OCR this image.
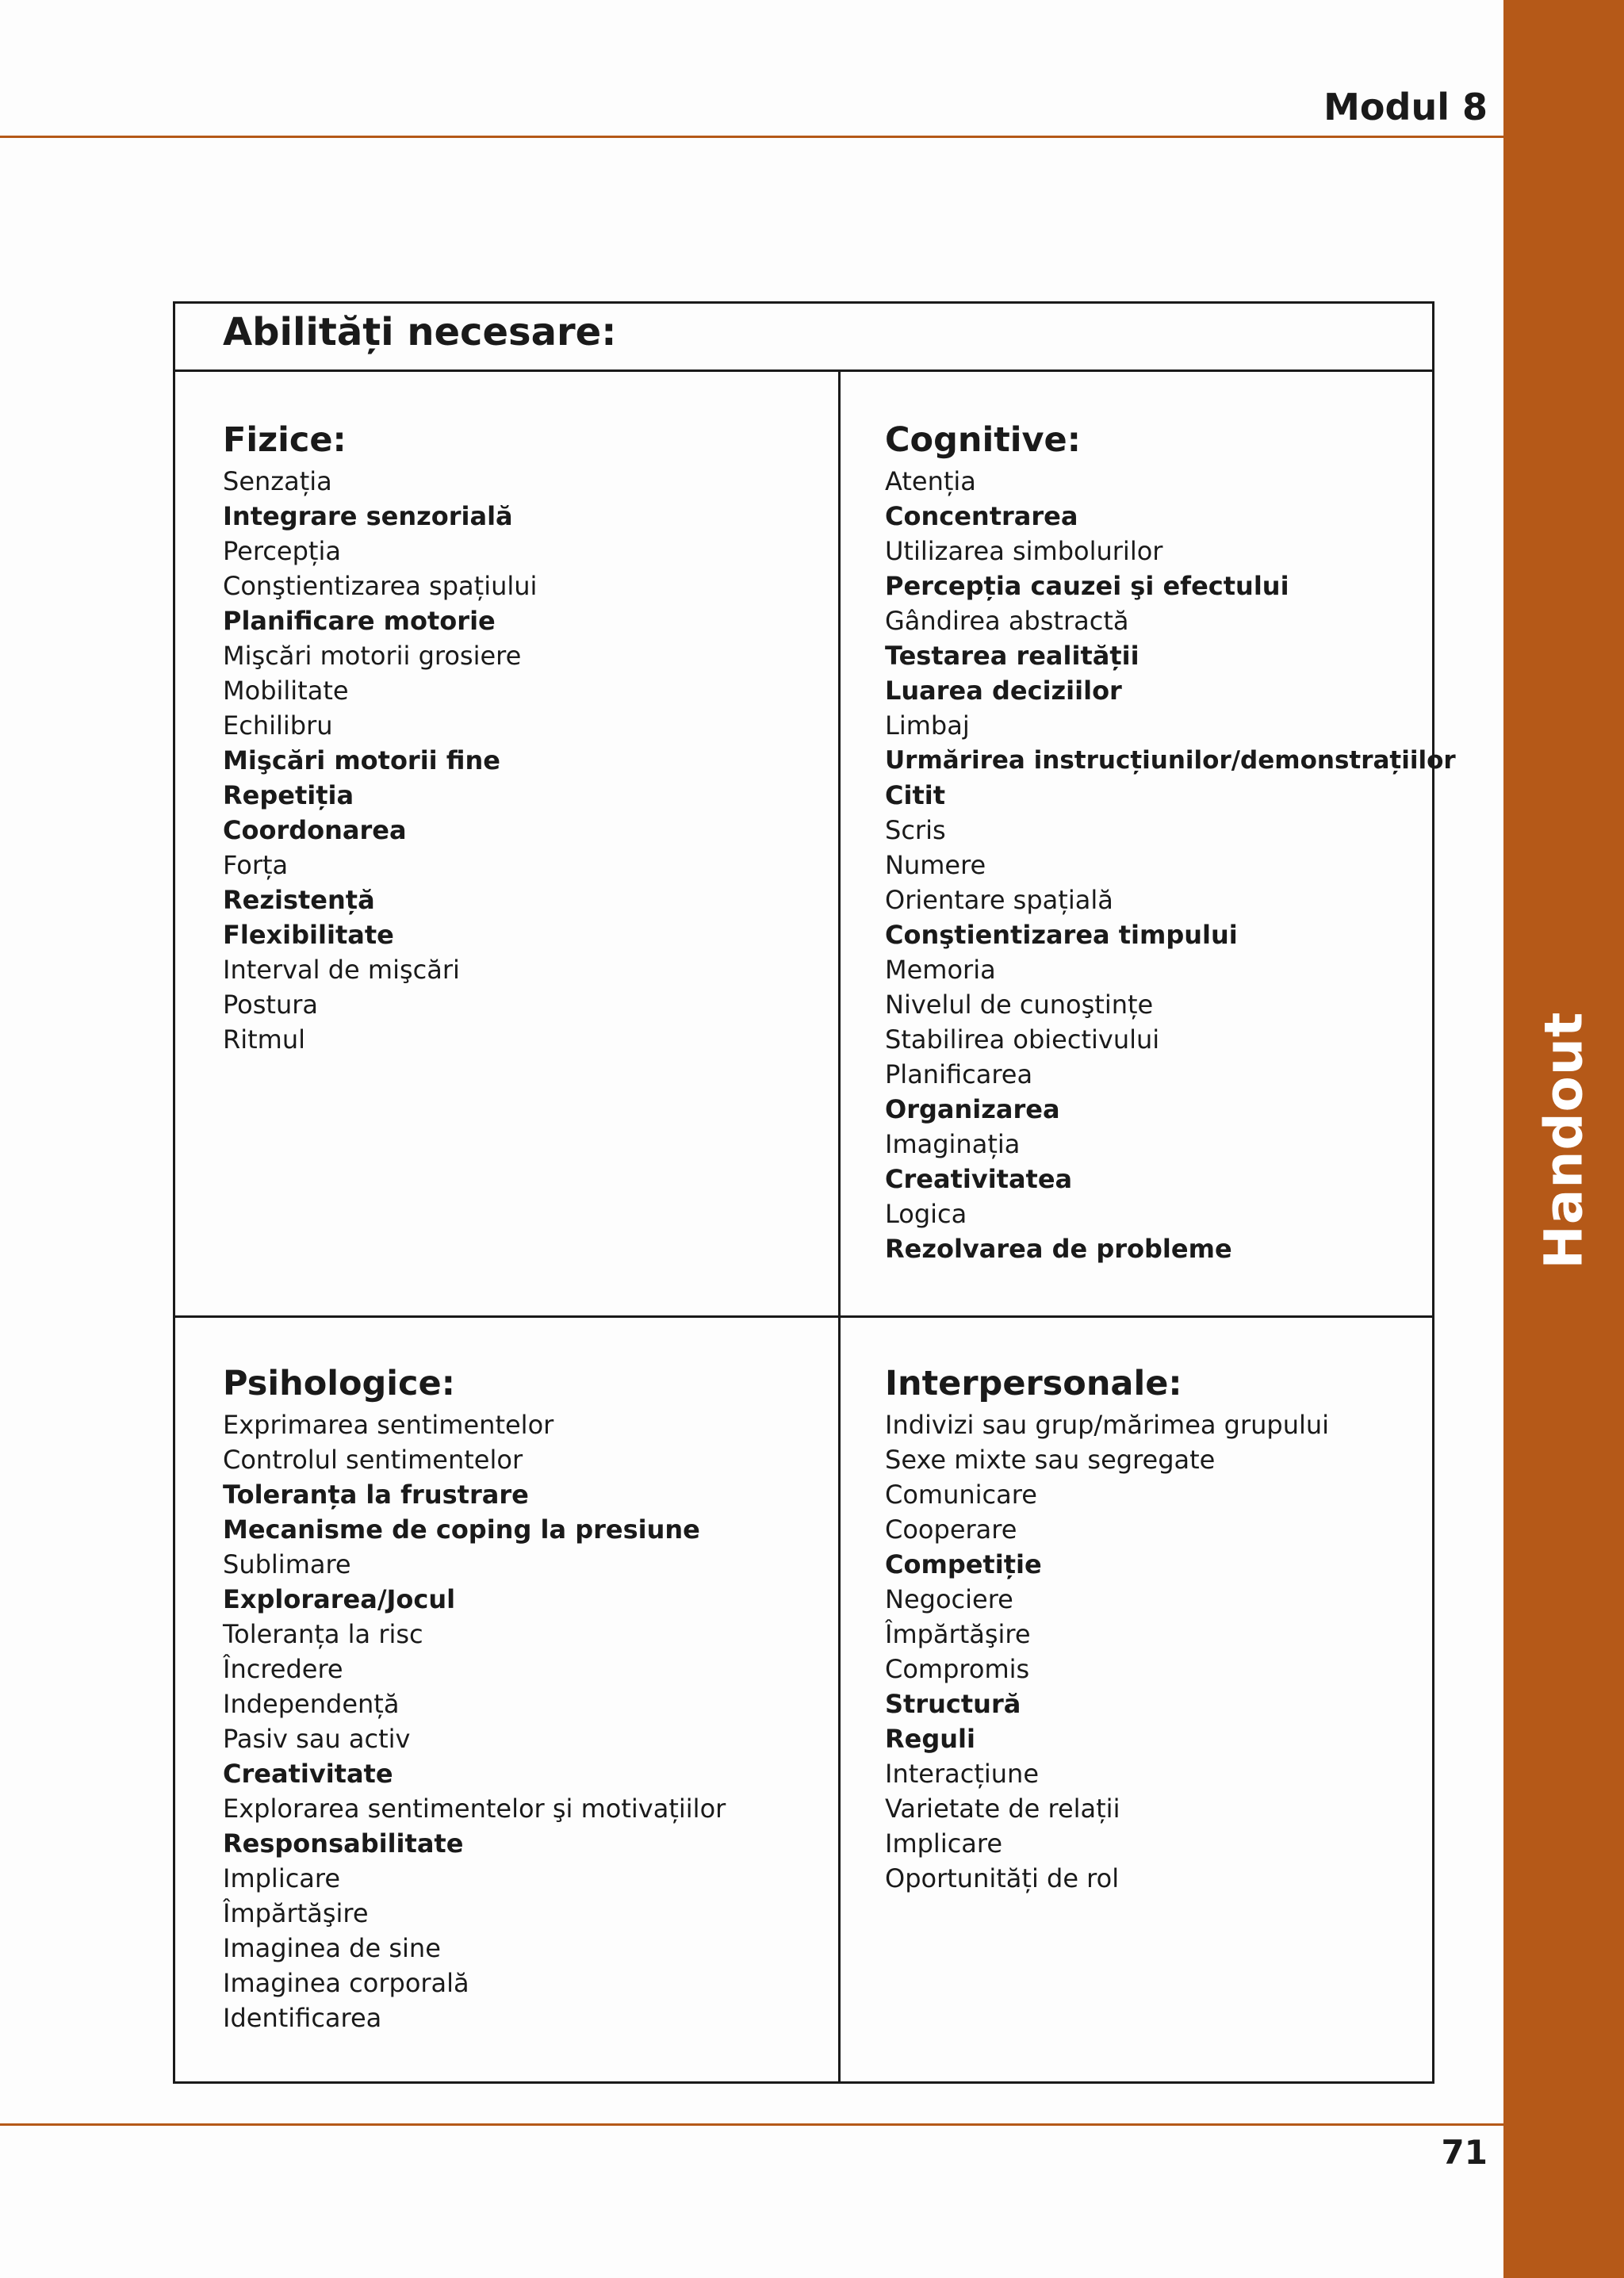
Handout
Modul 8
Abilități necesare:
Fizice:
Senzația
Integrare senzorială
Percepția
Conştientizarea spațiului
Planificare motorie
Mişcări motorii grosiere
Mobilitate
Echilibru
Mişcări motorii fine
Repetiția
Coordonarea
Forța
Rezistență
Flexibilitate
Interval de mişcări
Postura
Ritmul
Cognitive:
Atenția
Concentrarea
Utilizarea simbolurilor
Percepția cauzei şi efectului
Gândirea abstractă
Testarea realității
Luarea deciziilor
Limbaj
Urmărirea instrucțiunilor/demonstrațiilor
Citit
Scris
Numere
Orientare spațială
Conştientizarea timpului
Memoria
Nivelul de cunoştințe
Stabilirea obiectivului
Planificarea
Organizarea
Imaginația
Creativitatea
Logica
Rezolvarea de probleme
Psihologice:
Exprimarea sentimentelor
Controlul sentimentelor
Toleranța la frustrare
Mecanisme de coping la presiune
Sublimare
Explorarea/Jocul
Toleranța la risc
Încredere
Independență
Pasiv sau activ
Creativitate
Explorarea sentimentelor şi motivațiilor
Responsabilitate
Implicare
Împărtăşire
Imaginea de sine
Imaginea corporală
Identificarea
Interpersonale:
Indivizi sau grup/mărimea grupului
Sexe mixte sau segregate
Comunicare
Cooperare
Competiție
Negociere
Împărtăşire
Compromis
Structură
Reguli
Interacțiune
Varietate de relații
Implicare
Oportunități de rol
71
